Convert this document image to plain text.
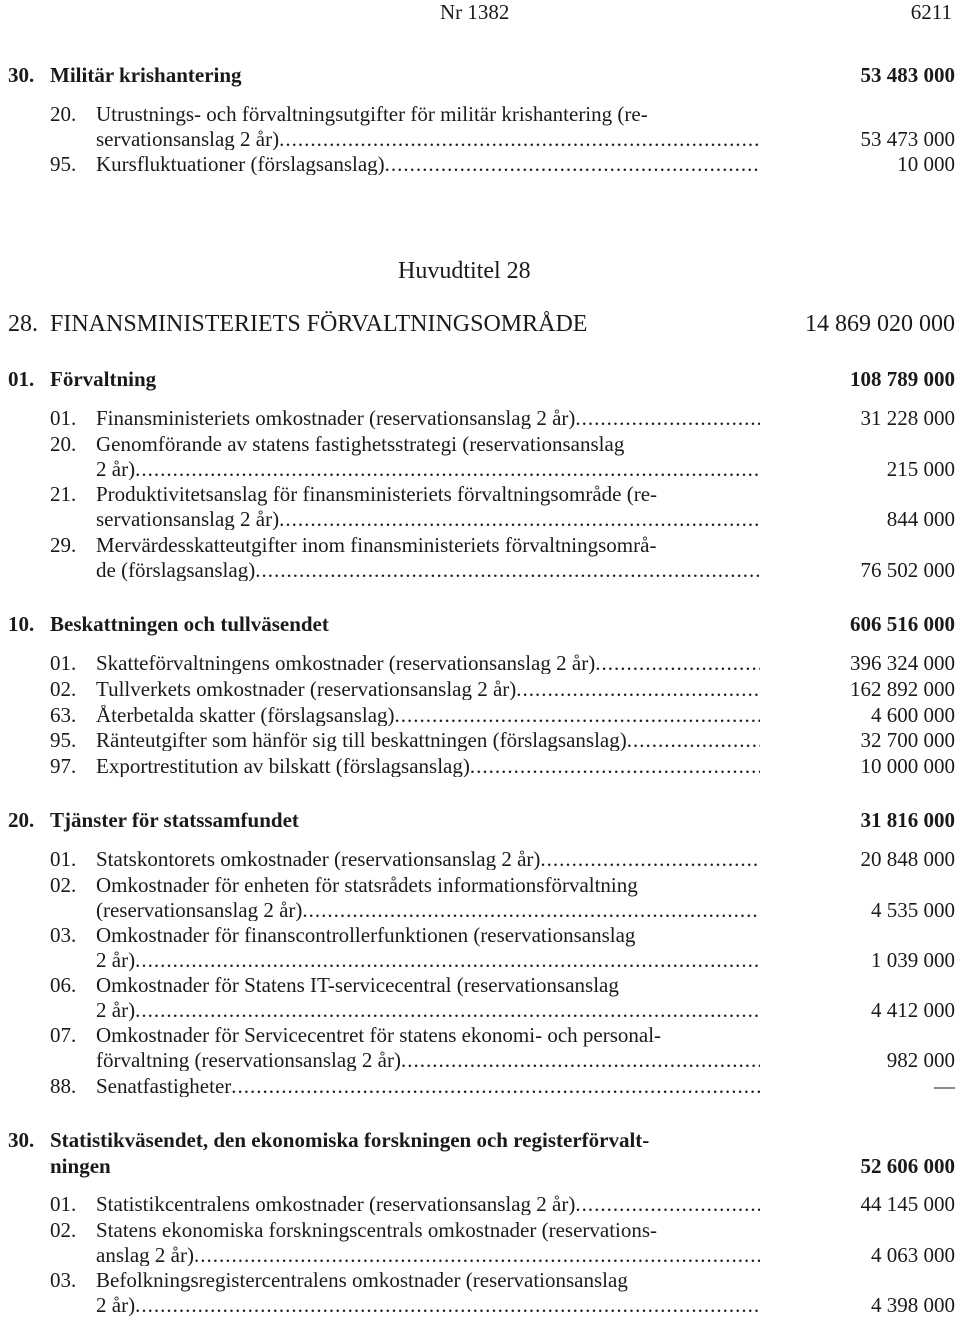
Nr 1382	6211
30. Militär krishantering	53 483 000
20. Utrustnings- och förvaltningsutgifter för militär krishantering (re-
servationsanslag 2 år) .....	53 473 000
95. Kursfluktuationer (förslagsanslag) .....	10 000
Huvudtitel 28
28. FINANSMINISTERIETS FÖRVALTNINGSOMRÅDE	14 869 020 000
01. Förvaltning	108 789 000
01. Finansministeriets omkostnader (reservationsanslag 2 år) .....	31 228 000
20. Genomförande av statens fastighetsstrategi (reservationsanslag
2 år) .....	215 000
21. Produktivitetsanslag för finansministeriets förvaltningsområde (re-
servationsanslag 2 år) .....	844 000
29. Mervärdesskatteutgifter inom finansministeriets förvaltningsområ-
de (förslagsanslag) .....	76 502 000
10. Beskattningen och tullväsendet	606 516 000
01. Skatteförvaltningens omkostnader (reservationsanslag 2 år) .....	396 324 000
02. Tullverkets omkostnader (reservationsanslag 2 år) .....	162 892 000
63. Återbetalda skatter (förslagsanslag) .....	4 600 000
95. Ränteutgifter som hänför sig till beskattningen (förslagsanslag) .....	32 700 000
97. Exportrestitution av bilskatt (förslagsanslag) .....	10 000 000
20. Tjänster för statssamfundet	31 816 000
01. Statskontorets omkostnader (reservationsanslag 2 år) .....	20 848 000
02. Omkostnader för enheten för statsrådets informationsförvaltning
(reservationsanslag 2 år) .....	4 535 000
03. Omkostnader för finanscontrollerfunktionen (reservationsanslag
2 år) .....	1 039 000
06. Omkostnader för Statens IT-servicecentral (reservationsanslag
2 år) .....	4 412 000
07. Omkostnader för Servicecentret för statens ekonomi- och personal-
förvaltning (reservationsanslag 2 år) .....	982 000
88. Senatfastigheter .....	—
30. Statistikväsendet, den ekonomiska forskningen och registerförvalt-
ningen	52 606 000
01. Statistikcentralens omkostnader (reservationsanslag 2 år) .....	44 145 000
02. Statens ekonomiska forskningscentrals omkostnader (reservations-
anslag 2 år) .....	4 063 000
03. Befolkningsregistercentralens omkostnader (reservationsanslag
2 år) .....	4 398 000
